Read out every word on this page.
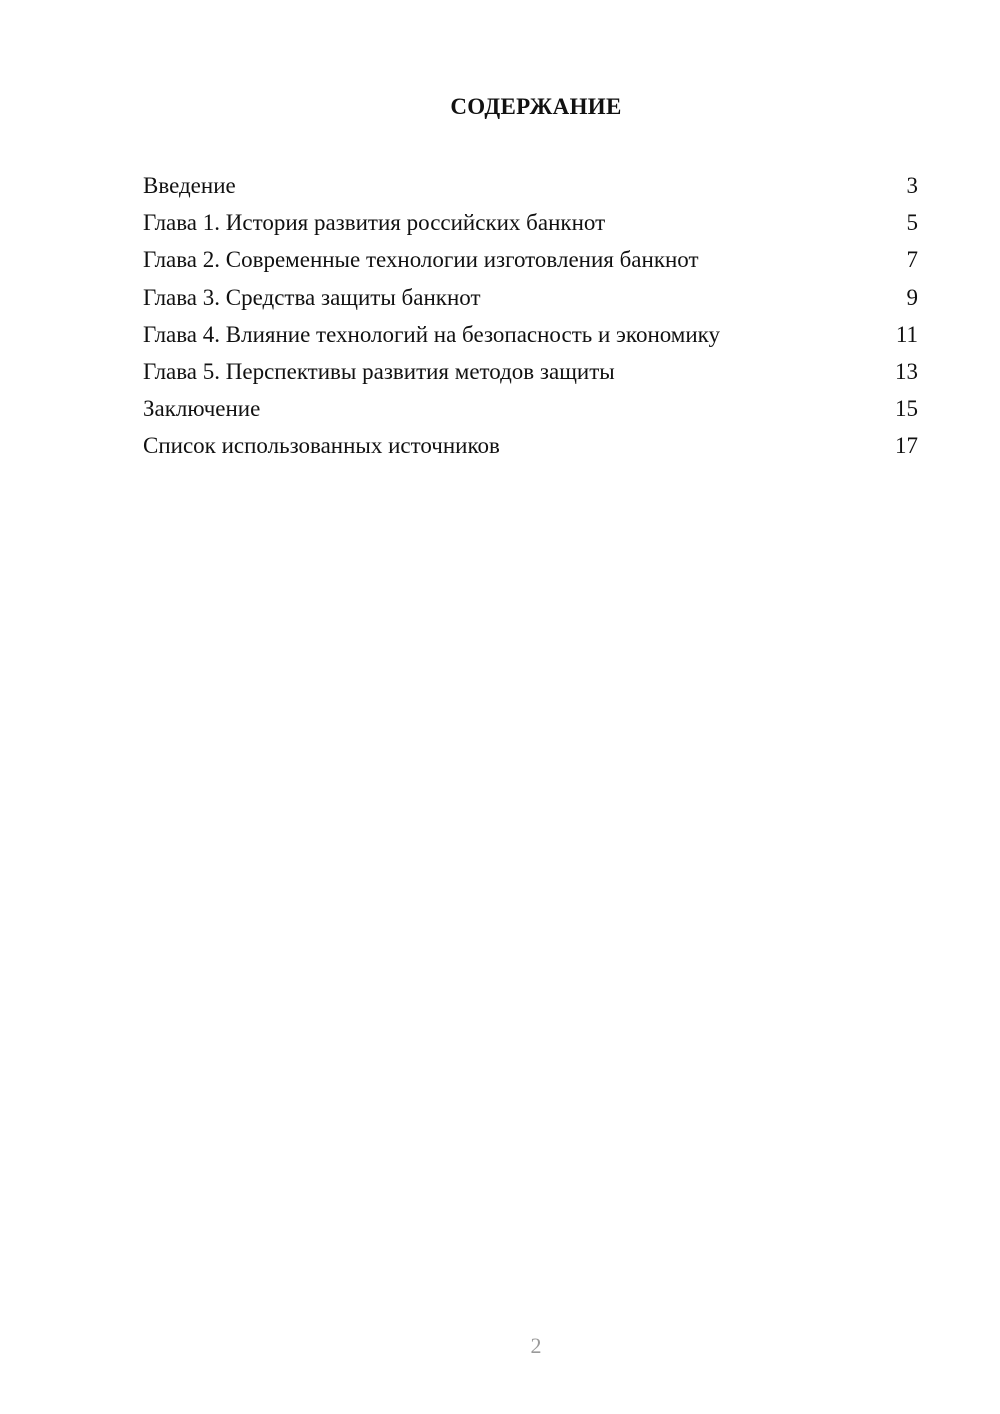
СОДЕРЖАНИЕ
Введение	3
Глава 1. История развития российских банкнот	5
Глава 2. Современные технологии изготовления банкнот	7
Глава 3. Средства защиты банкнот	9
Глава 4. Влияние технологий на безопасность и экономику	11
Глава 5. Перспективы развития методов защиты	13
Заключение	15
Список использованных источников	17
2
